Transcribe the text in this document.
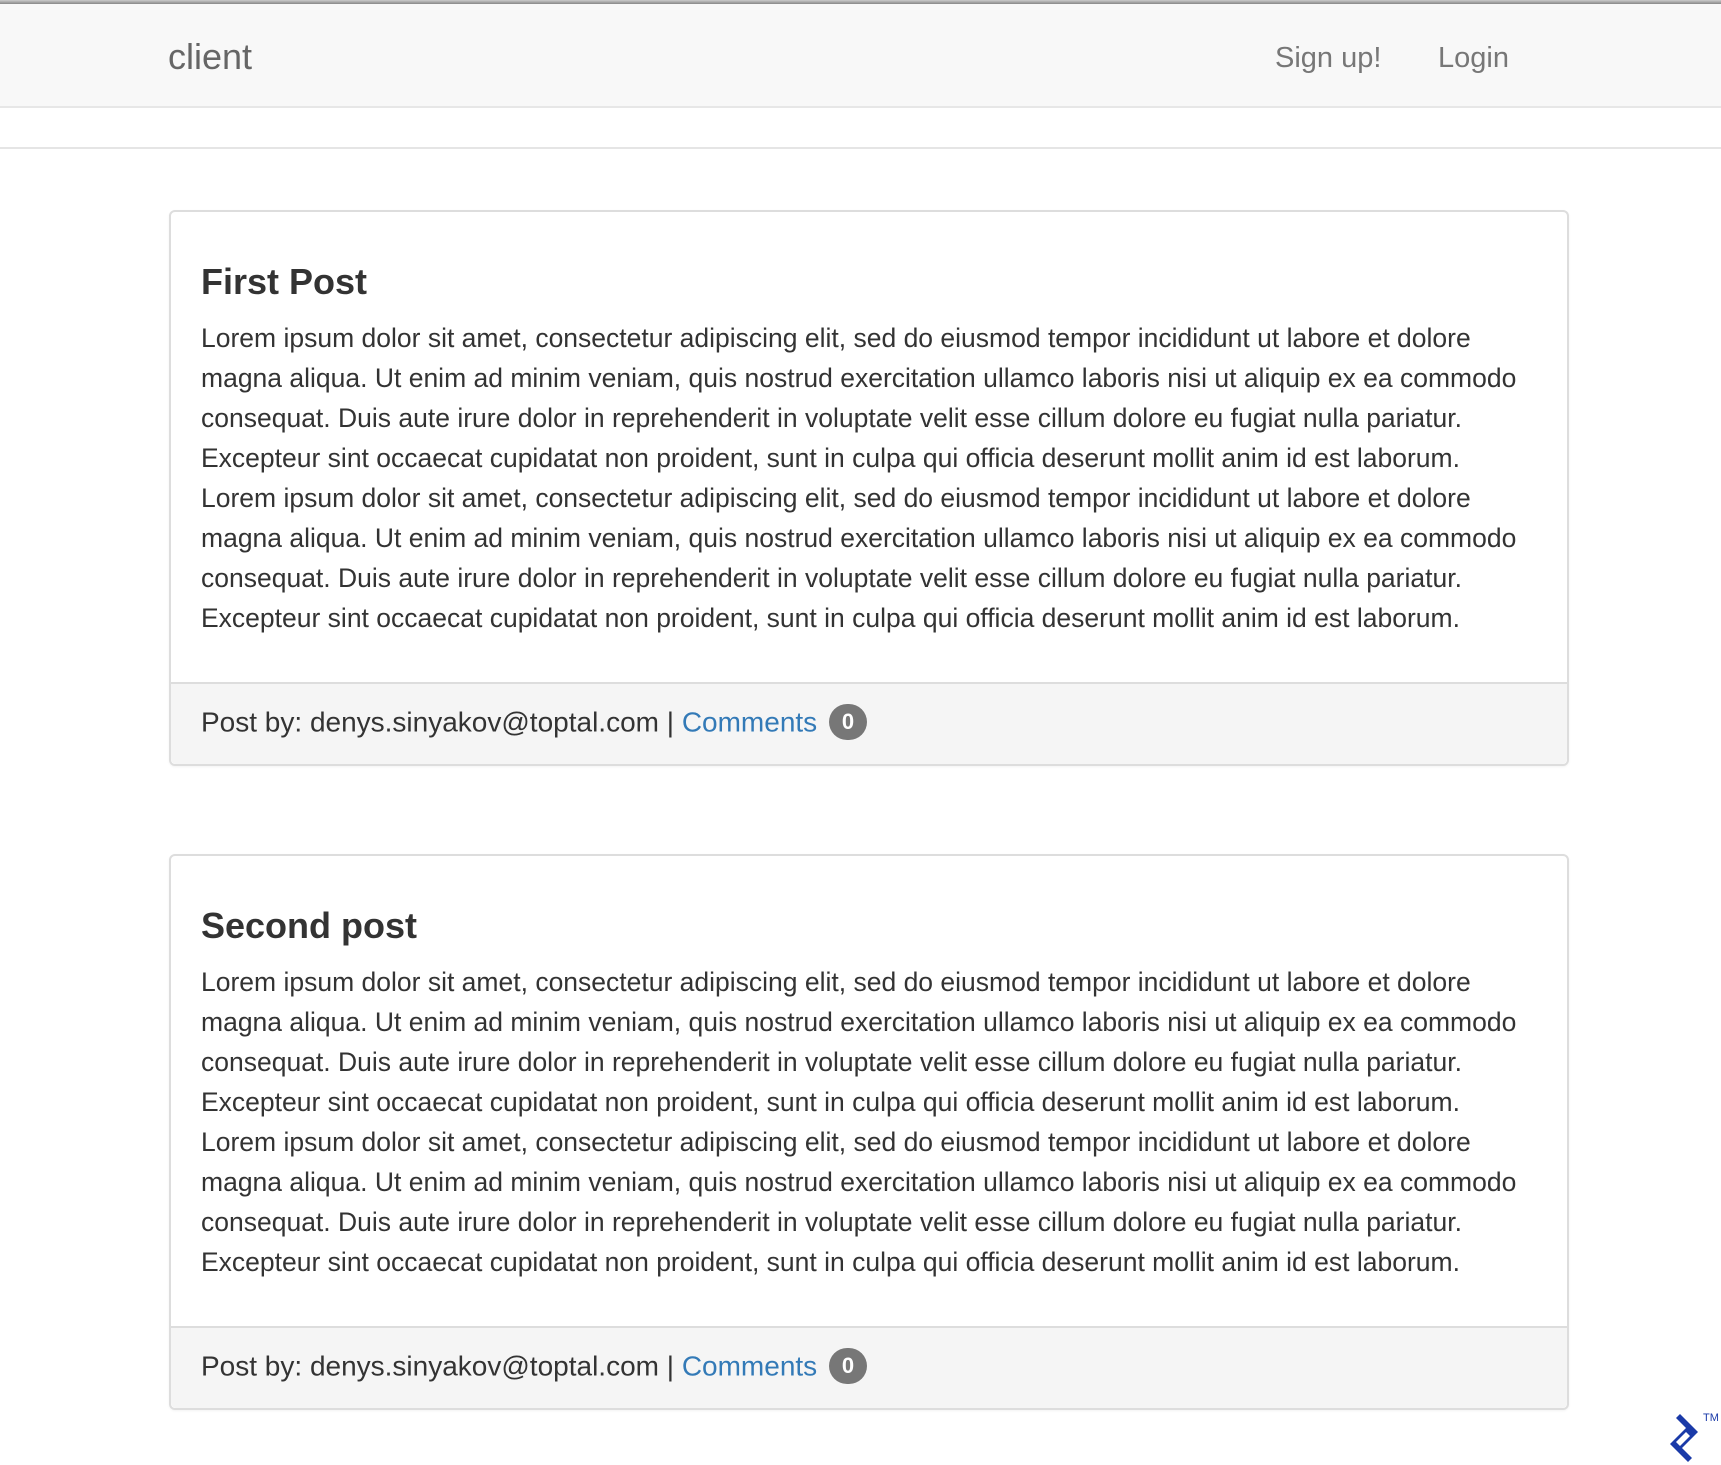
client	Sign up! Login
First Post

Lorem ipsum dolor sit amet, consectetur adipiscing elit, sed do eiusmod tempor incididunt ut labore et dolore magna aliqua. Ut enim ad minim veniam, quis nostrud exercitation ullamco laboris nisi ut aliquip ex ea commodo consequat. Duis aute irure dolor in reprehenderit in voluptate velit esse cillum dolore eu fugiat nulla pariatur. Excepteur sint occaecat cupidatat non proident, sunt in culpa qui officia deserunt mollit anim id est laborum. Lorem ipsum dolor sit amet, consectetur adipiscing elit, sed do eiusmod tempor incididunt ut labore et dolore magna aliqua. Ut enim ad minim veniam, quis nostrud exercitation ullamco laboris nisi ut aliquip ex ea commodo consequat. Duis aute irure dolor in reprehenderit in voluptate velit esse cillum dolore eu fugiat nulla pariatur. Excepteur sint occaecat cupidatat non proident, sunt in culpa qui officia deserunt mollit anim id est laborum.

Post by: denys.sinyakov@toptal.com | Comments 0
Second post

Lorem ipsum dolor sit amet, consectetur adipiscing elit, sed do eiusmod tempor incididunt ut labore et dolore magna aliqua. Ut enim ad minim veniam, quis nostrud exercitation ullamco laboris nisi ut aliquip ex ea commodo consequat. Duis aute irure dolor in reprehenderit in voluptate velit esse cillum dolore eu fugiat nulla pariatur. Excepteur sint occaecat cupidatat non proident, sunt in culpa qui officia deserunt mollit anim id est laborum. Lorem ipsum dolor sit amet, consectetur adipiscing elit, sed do eiusmod tempor incididunt ut labore et dolore magna aliqua. Ut enim ad minim veniam, quis nostrud exercitation ullamco laboris nisi ut aliquip ex ea commodo consequat. Duis aute irure dolor in reprehenderit in voluptate velit esse cillum dolore eu fugiat nulla pariatur. Excepteur sint occaecat cupidatat non proident, sunt in culpa qui officia deserunt mollit anim id est laborum.

Post by: denys.sinyakov@toptal.com | Comments 0
TM
